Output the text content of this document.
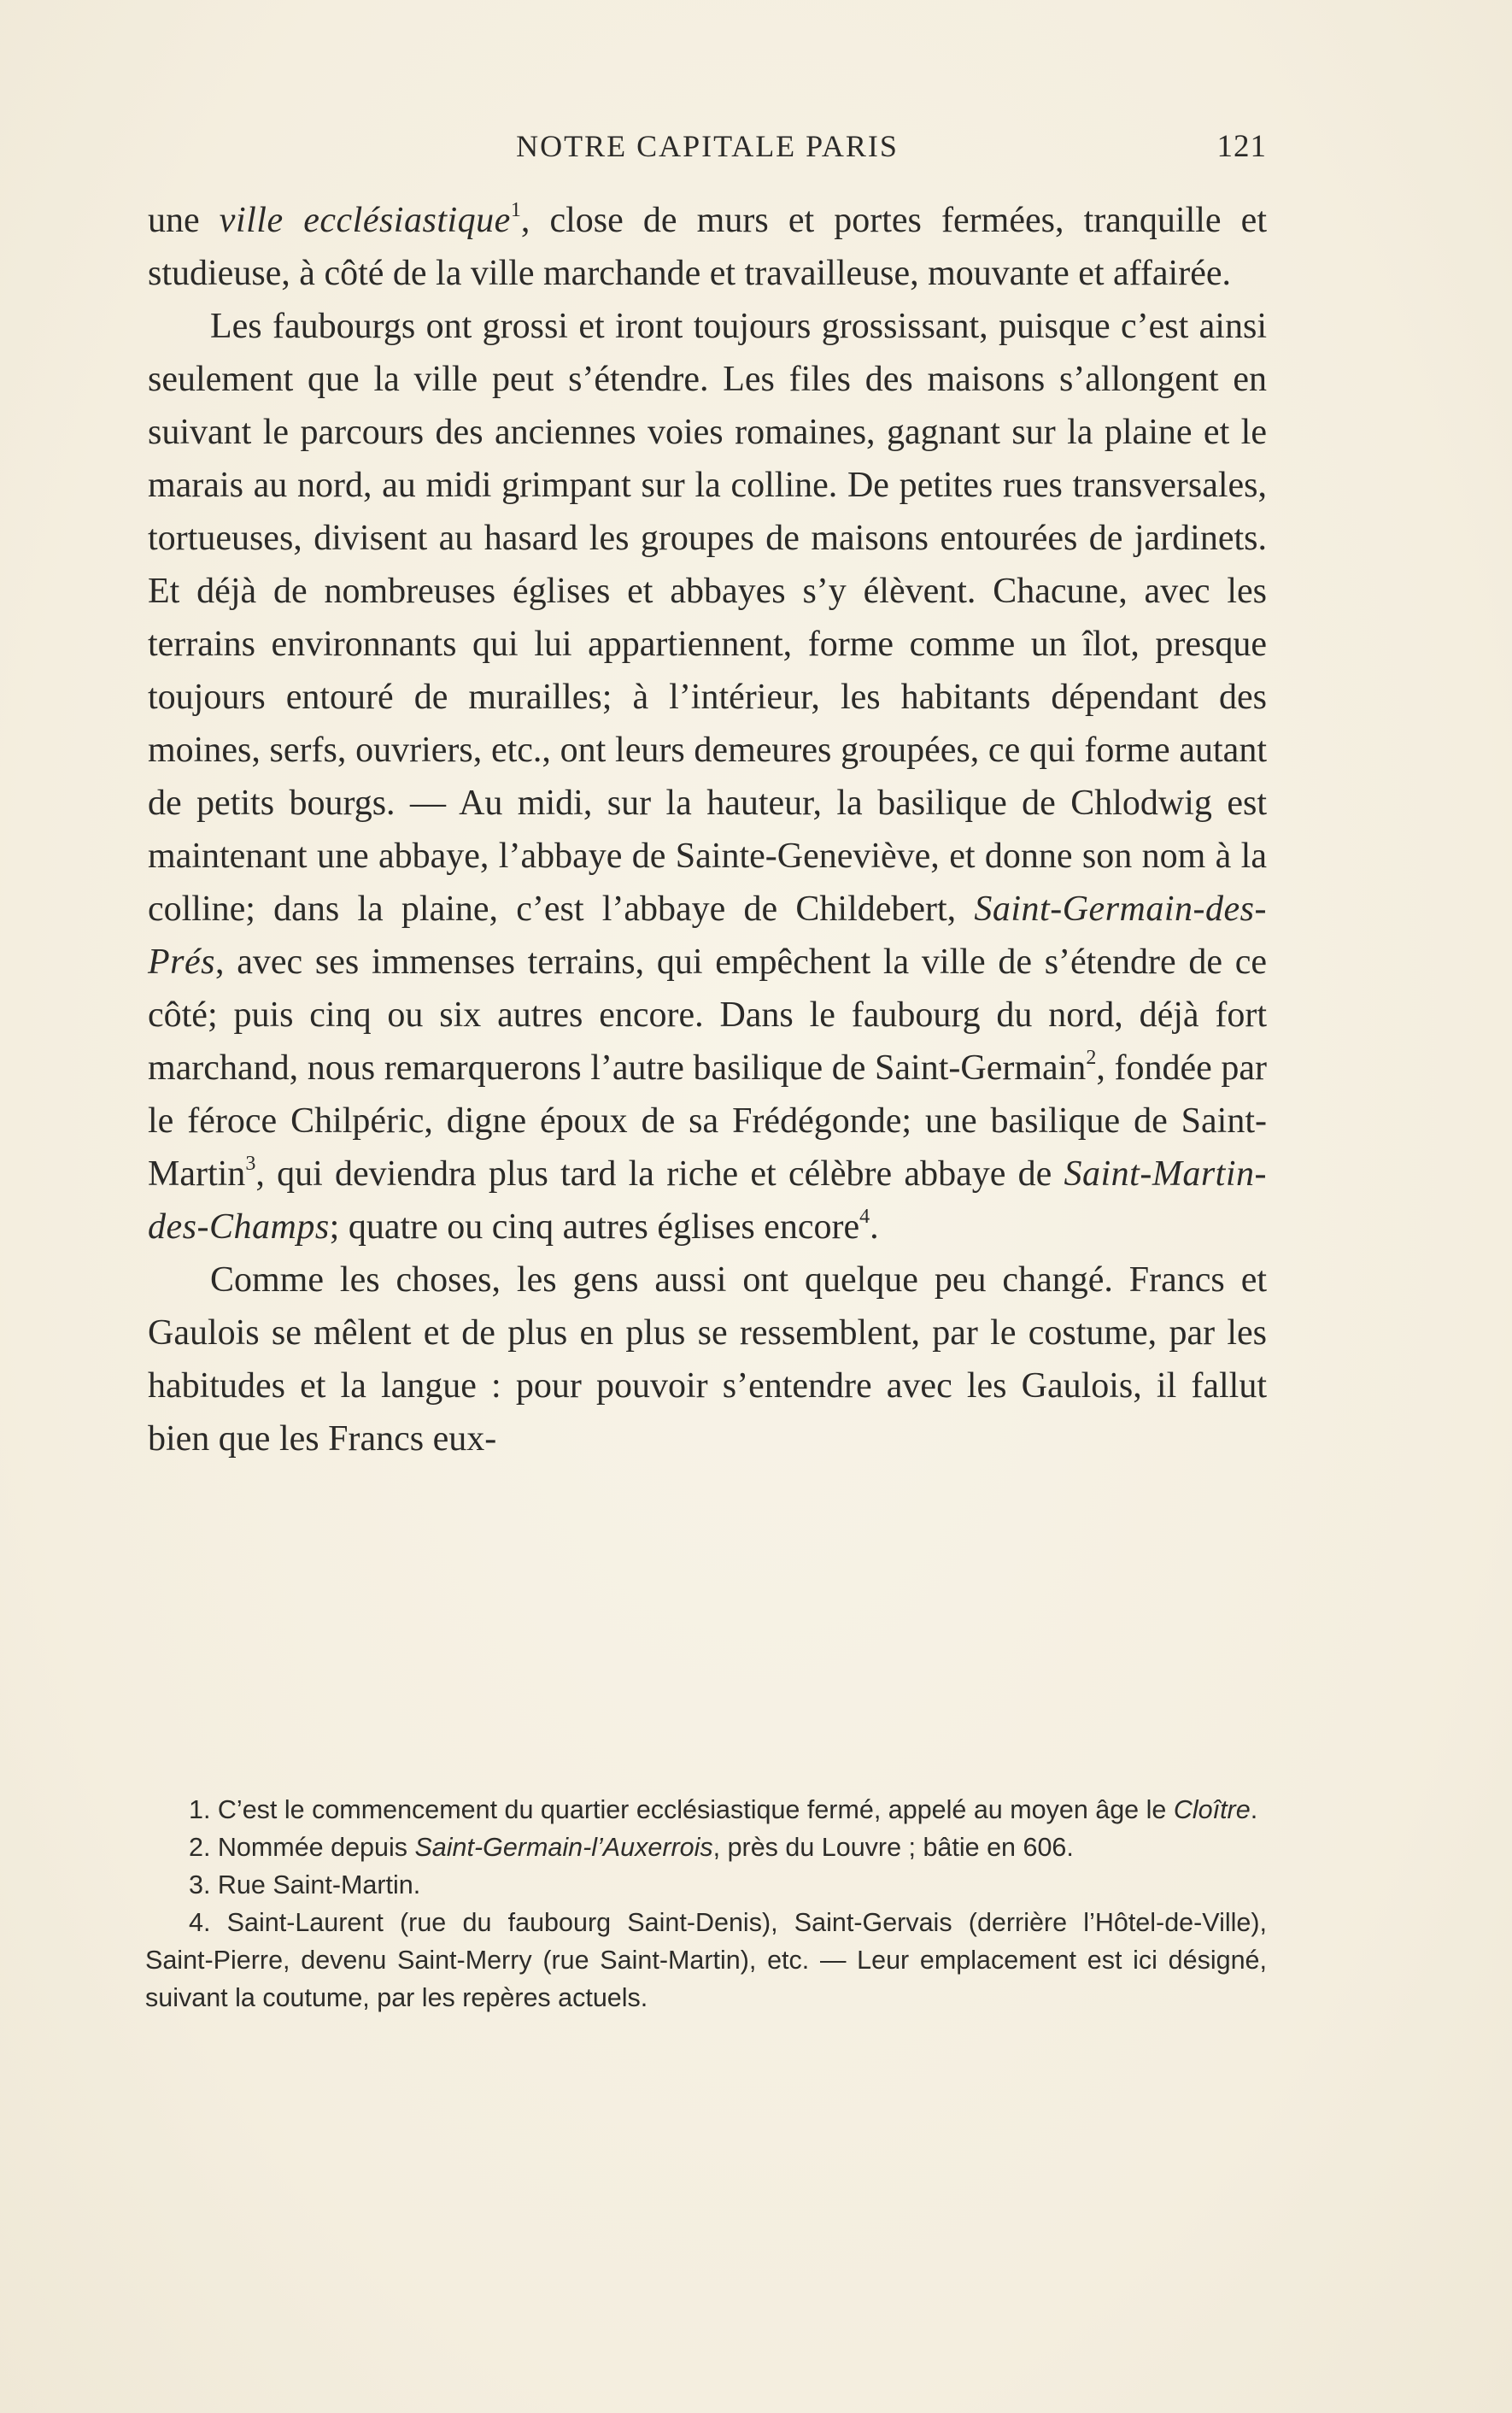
NOTRE CAPITALE PARIS	121

une ville ecclésiastique$^1$, close de murs et portes fermées, tranquille et studieuse, à côté de la ville marchande et travailleuse, mouvante et affairée.

Les faubourgs ont grossi et iront toujours grossissant, puisque c’est ainsi seulement que la ville peut s’étendre. Les files des maisons s’allongent en suivant le parcours des anciennes voies romaines, gagnant sur la plaine et le marais au nord, au midi grimpant sur la colline. De petites rues transversales, tortueuses, divisent au hasard les groupes de maisons entourées de jardinets. Et déjà de nombreuses églises et abbayes s’y élèvent. Chacune, avec les terrains environnants qui lui appartiennent, forme comme un îlot, presque toujours entouré de murailles; à l’intérieur, les habitants dépendant des moines, serfs, ouvriers, etc., ont leurs demeures groupées, ce qui forme autant de petits bourgs. — Au midi, sur la hauteur, la basilique de Chlodwig est maintenant une abbaye, l’abbaye de Sainte-Geneviève, et donne son nom à la colline; dans la plaine, c’est l’abbaye de Childebert, Saint-Germain-des-Prés, avec ses immenses terrains, qui empêchent la ville de s’étendre de ce côté; puis cinq ou six autres encore. Dans le faubourg du nord, déjà fort marchand, nous remarquerons l’autre basilique de Saint-Germain$^2$, fondée par le féroce Chilpéric, digne époux de sa Frédégonde; une basilique de Saint-Martin$^3$, qui deviendra plus tard la riche et célèbre abbaye de Saint-Martin-des-Champs; quatre ou cinq autres églises encore$^4$.

Comme les choses, les gens aussi ont quelque peu changé. Francs et Gaulois se mêlent et de plus en plus se ressemblent, par le costume, par les habitudes et la langue : pour pouvoir s’entendre avec les Gaulois, il fallut bien que les Francs eux-

1. C’est le commencement du quartier ecclésiastique fermé, appelé au moyen âge le Cloître.

2. Nommée depuis Saint-Germain-l’Auxerrois, près du Louvre ; bâtie en 606.

3. Rue Saint-Martin.

4. Saint-Laurent (rue du faubourg Saint-Denis), Saint-Gervais (derrière l’Hôtel-de-Ville), Saint-Pierre, devenu Saint-Merry (rue Saint-Martin), etc. — Leur emplacement est ici désigné, suivant la coutume, par les repères actuels.
